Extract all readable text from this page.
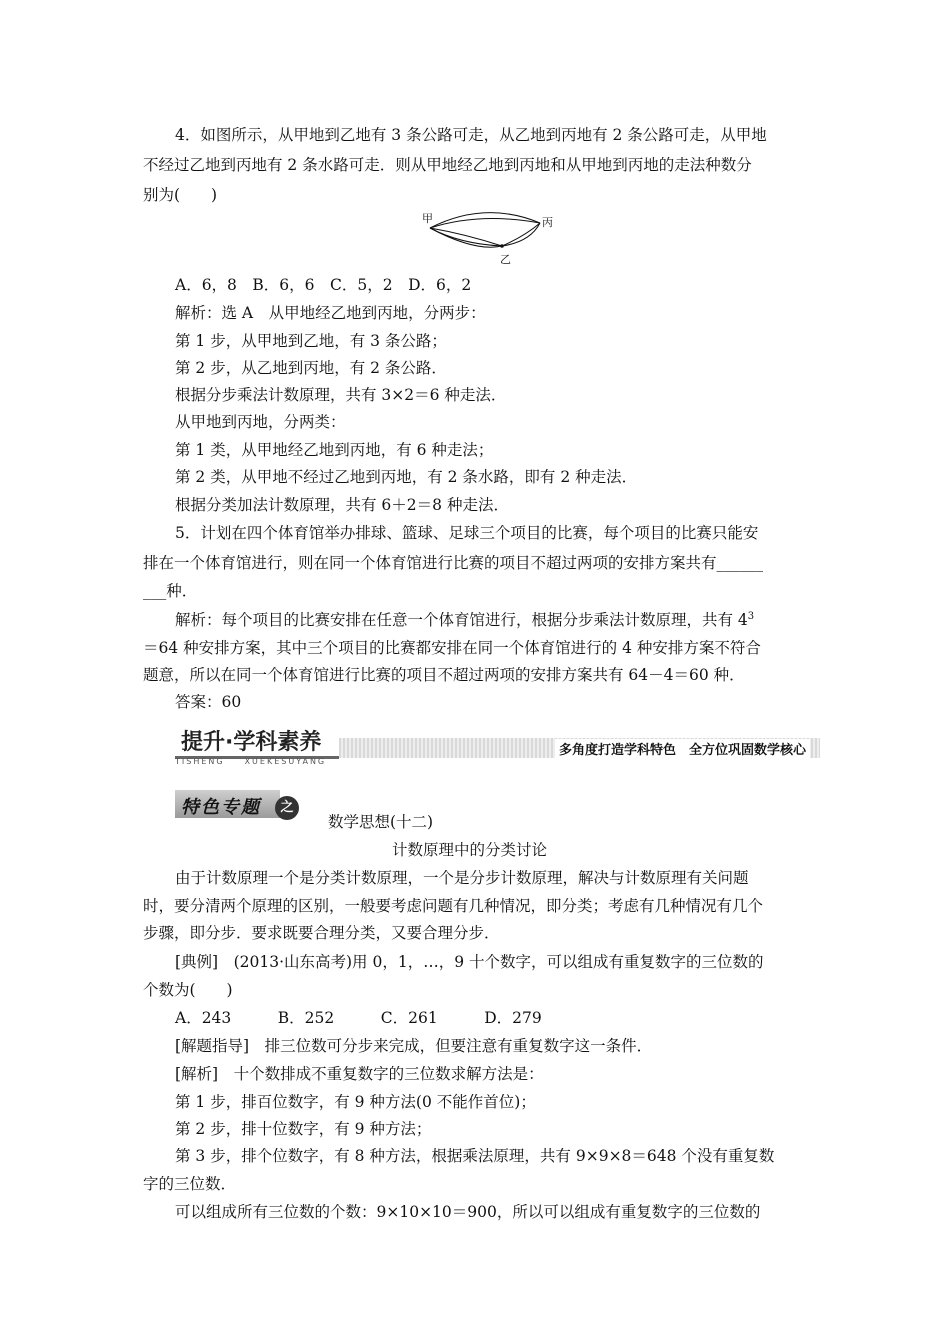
4．如图所示，从甲地到乙地有 3 条公路可走，从乙地到丙地有 2 条公路可走，从甲地
不经过乙地到丙地有 2 条水路可走．则从甲地经乙地到丙地和从甲地到丙地的走法种数分
别为(　　)
甲	丙
乙
A．6，8　B．6，6　C．5，2　D．6，2
解析：选 A　从甲地经乙地到丙地，分两步：
第 1 步，从甲地到乙地，有 3 条公路；
第 2 步，从乙地到丙地，有 2 条公路．
根据分步乘法计数原理，共有 3×2＝6 种走法．
从甲地到丙地，分两类：
第 1 类，从甲地经乙地到丙地，有 6 种走法；
第 2 类，从甲地不经过乙地到丙地，有 2 条水路，即有 2 种走法．
根据分类加法计数原理，共有 6＋2＝8 种走法．
5．计划在四个体育馆举办排球、篮球、足球三个项目的比赛，每个项目的比赛只能安
排在一个体育馆进行，则在同一个体育馆进行比赛的项目不超过两项的安排方案共有______
___种．
解析：每个项目的比赛安排在任意一个体育馆进行，根据分步乘法计数原理，共有 $4^3$
＝64 种安排方案，其中三个项目的比赛都安排在同一个体育馆进行的 4 种安排方案不符合
题意，所以在同一个体育馆进行比赛的项目不超过两项的安排方案共有 64－4＝60 种．
答案：60
提升·学科素养
TISHENG　　XUEKESUYANG
多角度打造学科特色　全方位巩固数学核心
特色专题	之
数学思想(十二)
计数原理中的分类讨论
由于计数原理一个是分类计数原理，一个是分步计数原理，解决与计数原理有关问题
时，要分清两个原理的区别，一般要考虑问题有几种情况，即分类；考虑有几种情况有几个
步骤，即分步．要求既要合理分类，又要合理分步．
[典例]　(2013·山东高考)用 0，1，…，9 十个数字，可以组成有重复数字的三位数的
个数为(　　)
A．243　　　B．252　　　C．261　　　D．279
[解题指导]　排三位数可分步来完成，但要注意有重复数字这一条件．
[解析]　十个数排成不重复数字的三位数求解方法是：
第 1 步，排百位数字，有 9 种方法(0 不能作首位)；
第 2 步，排十位数字，有 9 种方法；
第 3 步，排个位数字，有 8 种方法，根据乘法原理，共有 9×9×8＝648 个没有重复数
字的三位数．
可以组成所有三位数的个数：9×10×10＝900，所以可以组成有重复数字的三位数的
